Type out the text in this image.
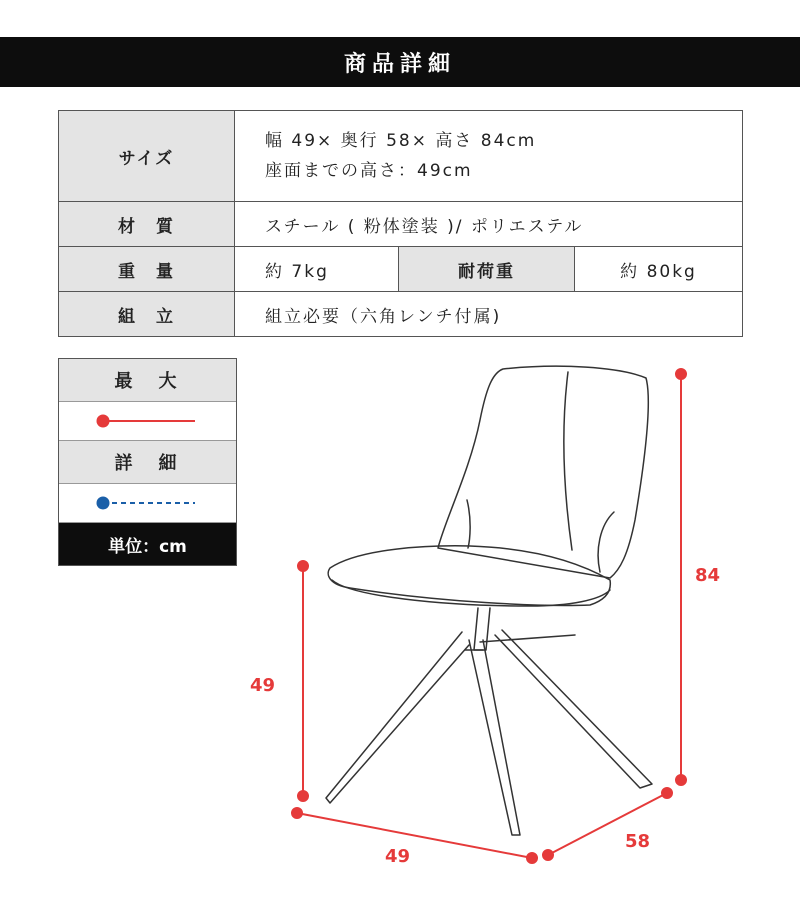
商品詳細
サイズ	幅 49× 奥行 58× 高さ 84cm
座面までの高さ：49cm		

材　質	スチール ( 粉体塗装 )/ ポリエステル		
重　量	約 7kg	耐荷重	約 80kg
組　立	組立必要（六角レンチ付属)		
最　大
詳　細
単位：cm
84
49
49
58
